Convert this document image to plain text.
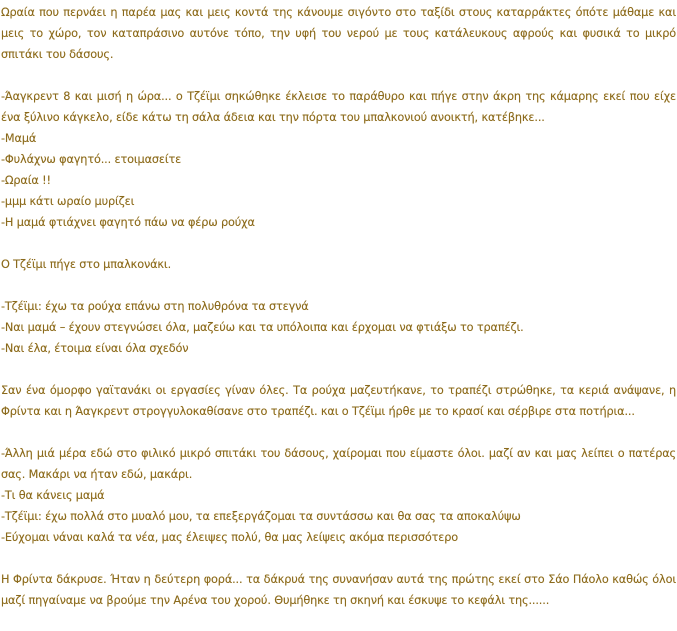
Ωραία που περνάει η παρέα μας και μεις κοντά της κάνουμε σιγόντο στο ταξίδι στους καταρράκτες όπότε μάθαμε και μεις το χώρο, τον καταπράσινο αυτόνε τόπο, την υφή του νερού με τους κατάλευκους αφρούς και φυσικά το μικρό σπιτάκι του δάσους.

-Άαγκρεντ 8 και μισή η ώρα... ο Τζέϊμι σηκώθηκε έκλεισε το παράθυρο και πήγε στην άκρη της κάμαρης εκεί που είχε ένα ξύλινο κάγκελο, είδε κάτω τη σάλα άδεια και την πόρτα του μπαλκονιού ανοικτή, κατέβηκε...
-Μαμά
-Φυλάχνω φαγητό... ετοιμασείτε
-Ωραία !!
-μμμ κάτι ωραίο μυρίζει
-Η μαμά φτιάχνει φαγητό πάω να φέρω ρούχα

Ο Τζέϊμι πήγε στο μπαλκονάκι.

-Τζέϊμι: έχω τα ρούχα επάνω στη πολυθρόνα τα στεγνά
-Ναι μαμά – έχουν στεγνώσει όλα, μαζεύω και τα υπόλοιπα και έρχομαι να φτιάξω το τραπέζι.
-Ναι έλα, έτοιμα είναι όλα σχεδόν

Σαν ένα όμορφο γαϊτανάκι οι εργασίες γίναν όλες. Τα ρούχα μαζευτήκανε, το τραπέζι στρώθηκε, τα κεριά ανάψανε, η Φρίντα και η Άαγκρεντ στρογγυλοκαθίσανε στο τραπέζι. και ο Τζέϊμι ήρθε με το κρασί και σέρβιρε στα ποτήρια...

-Άλλη μιά μέρα εδώ στο φιλικό μικρό σπιτάκι του δάσους, χαίρομαι που είμαστε όλοι. μαζί αν και μας λείπει ο πατέρας σας. Μακάρι να ήταν εδώ, μακάρι.
-Τι θα κάνεις μαμά
-Τζέϊμι: έχω πολλά στο μυαλό μου, τα επεξεργάζομαι τα συντάσσω και θα σας τα αποκαλύψω
-Εύχομαι νάναι καλά τα νέα, μας έλειψες πολύ, θα μας λείψεις ακόμα περισσότερο

Η Φρίντα δάκρυσε. Ήταν η δεύτερη φορά... τα δάκρυά της συνανήσαν αυτά της πρώτης εκεί στο Σάο Πάολο καθώς όλοι μαζί πηγαίναμε να βρούμε την Αρένα του χορού. Θυμήθηκε τη σκηνή και έσκυψε το κεφάλι της......
